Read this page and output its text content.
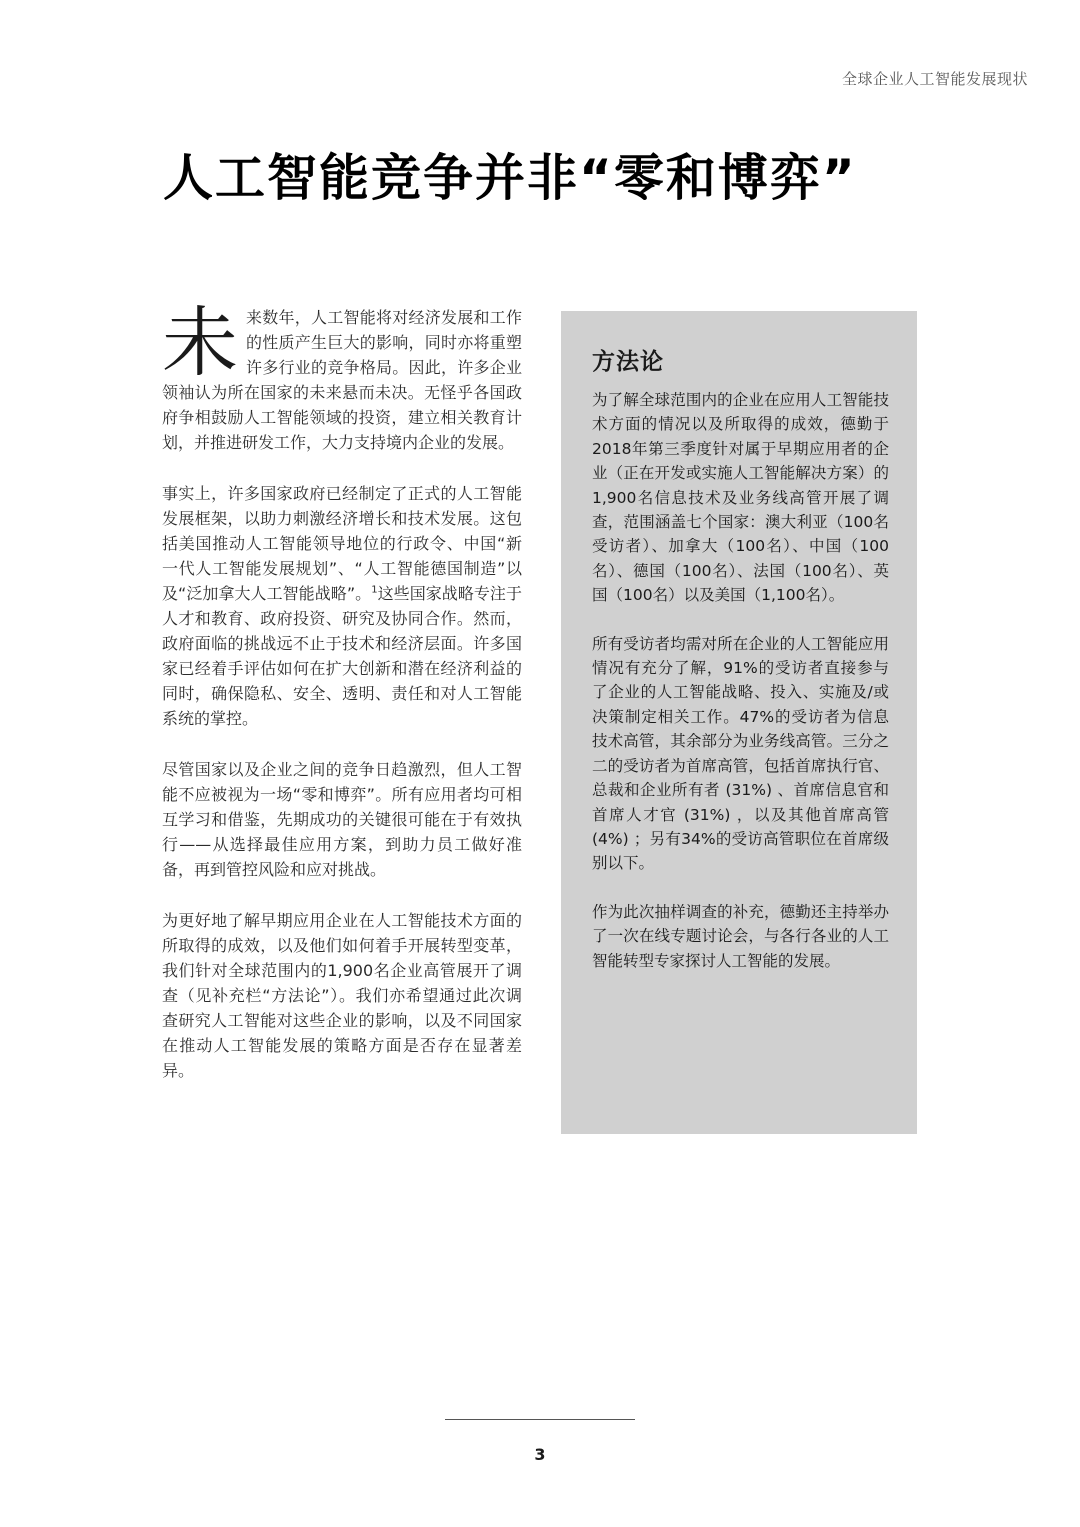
全球企业人工智能发展现状
人工智能竞争并非“零和博弈”

未来数年，人工智能将对经济发展和工作的性质产生巨大的影响，同时亦将重塑许多行业的竞争格局。因此，许多企业领袖认为所在国家的未来悬而未决。无怪乎各国政府争相鼓励人工智能领域的投资，建立相关教育计划，并推进研发工作，大力支持境内企业的发展。

事实上，许多国家政府已经制定了正式的人工智能发展框架，以助力刺激经济增长和技术发展。这包括美国推动人工智能领导地位的行政令、中国“新一代人工智能发展规划”、“人工智能德国制造”以及“泛加拿大人工智能战略”。$^1$这些国家战略专注于人才和教育、政府投资、研究及协同合作。然而，政府面临的挑战远不止于技术和经济层面。许多国家已经着手评估如何在扩大创新和潜在经济利益的同时，确保隐私、安全、透明、责任和对人工智能系统的掌控。

尽管国家以及企业之间的竞争日趋激烈，但人工智能不应被视为一场“零和博弈”。所有应用者均可相互学习和借鉴，先期成功的关键很可能在于有效执行——从选择最佳应用方案，到助力员工做好准备，再到管控风险和应对挑战。

为更好地了解早期应用企业在人工智能技术方面的所取得的成效，以及他们如何着手开展转型变革，我们针对全球范围内的1,900名企业高管展开了调查（见补充栏“方法论”）。我们亦希望通过此次调查研究人工智能对这些企业的影响，以及不同国家在推动人工智能发展的策略方面是否存在显著差异。

方法论

为了解全球范围内的企业在应用人工智能技术方面的情况以及所取得的成效，德勤于2018年第三季度针对属于早期应用者的企业（正在开发或实施人工智能解决方案）的1,900名信息技术及业务线高管开展了调查，范围涵盖七个国家：澳大利亚（100名受访者）、加拿大（100名）、中国（100名）、德国（100名）、法国（100名）、英国（100名）以及美国（1,100名）。

所有受访者均需对所在企业的人工智能应用情况有充分了解，91%的受访者直接参与了企业的人工智能战略、投入、实施及/或决策制定相关工作。47%的受访者为信息技术高管，其余部分为业务线高管。三分之二的受访者为首席高管，包括首席执行官、总裁和企业所有者 (31%) 、首席信息官和首席人才官 (31%) ，以及其他首席高管 (4%) ；另有34%的受访高管职位在首席级别以下。

作为此次抽样调查的补充，德勤还主持举办了一次在线专题讨论会，与各行各业的人工智能转型专家探讨人工智能的发展。

3
